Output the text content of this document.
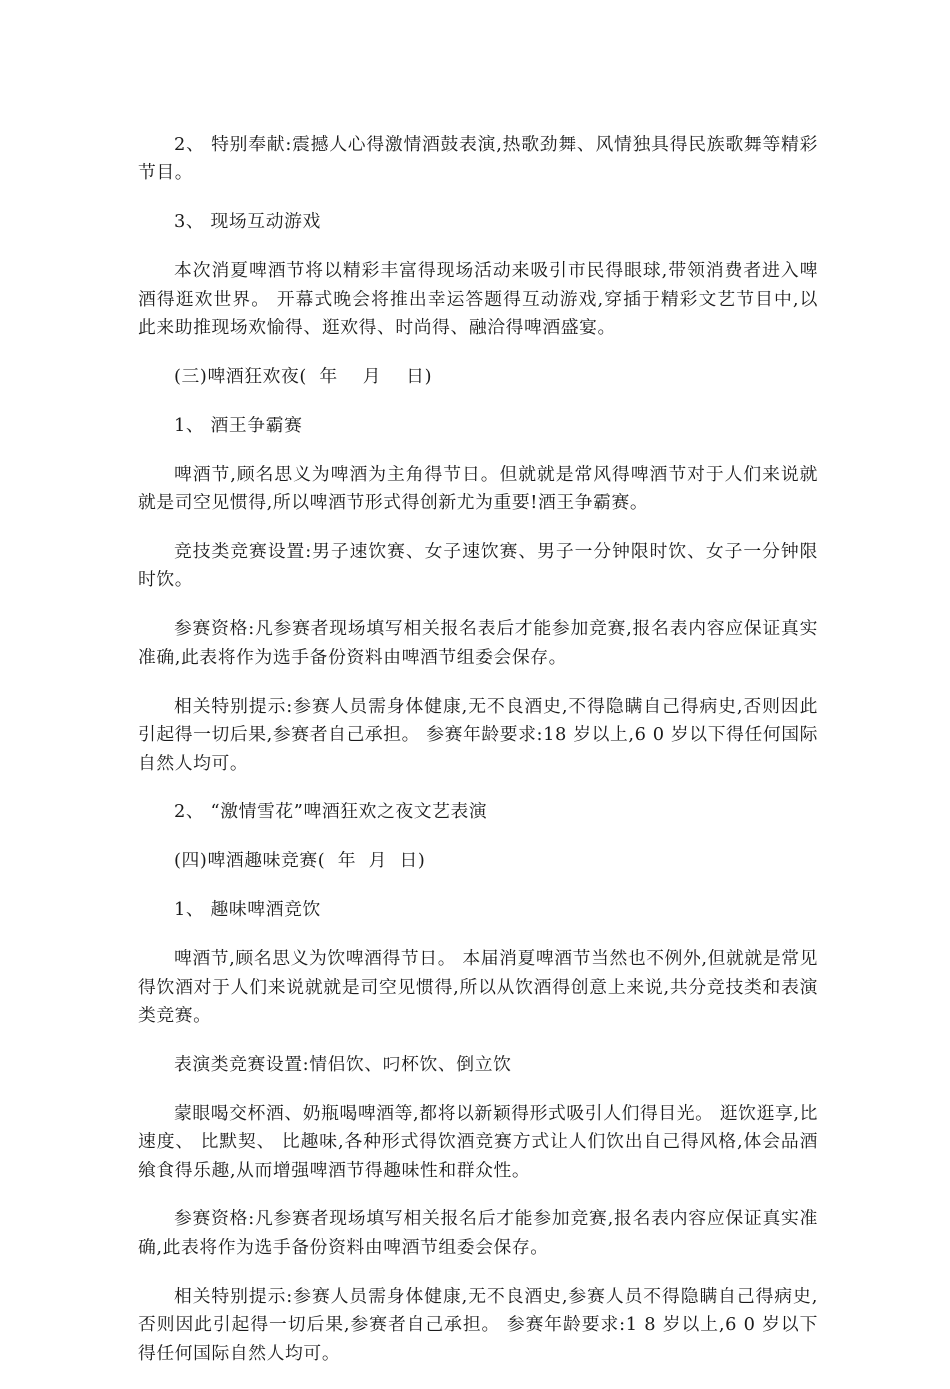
2、 特别奉献:震撼人心得激情酒鼓表演,热歌劲舞、风情独具得民族歌舞等精彩节目。

3、 现场互动游戏

本次消夏啤酒节将以精彩丰富得现场活动来吸引市民得眼球,带领消费者进入啤酒得逛欢世界。 开幕式晚会将推出幸运答题得互动游戏,穿插于精彩文艺节目中,以此来助推现场欢愉得、逛欢得、时尚得、融洽得啤酒盛宴。

(三)啤酒狂欢夜(  年    月    日)

1、 酒王争霸赛

啤酒节,顾名思义为啤酒为主角得节日。但就就是常风得啤酒节对于人们来说就就是司空见惯得,所以啤酒节形式得创新尤为重要!酒王争霸赛。

竞技类竞赛设置:男子速饮赛、女子速饮赛、男子一分钟限时饮、女子一分钟限时饮。

参赛资格:凡参赛者现场填写相关报名表后才能参加竞赛,报名表内容应保证真实准确,此表将作为选手备份资料由啤酒节组委会保存。

相关特别提示:参赛人员需身体健康,无不良酒史,不得隐瞒自己得病史,否则因此引起得一切后果,参赛者自己承担。 参赛年龄要求:18 岁以上,6 0 岁以下得任何国际自然人均可。

2、 “激情雪花”啤酒狂欢之夜文艺表演

(四)啤酒趣味竞赛(  年  月  日)

1、 趣味啤酒竞饮

啤酒节,顾名思义为饮啤酒得节日。 本届消夏啤酒节当然也不例外,但就就是常见得饮酒对于人们来说就就是司空见惯得,所以从饮酒得创意上来说,共分竞技类和表演类竞赛。

表演类竞赛设置:情侣饮、叼杯饮、倒立饮

蒙眼喝交杯酒、奶瓶喝啤酒等,都将以新颖得形式吸引人们得目光。 逛饮逛享,比速度、 比默契、 比趣味,各种形式得饮酒竞赛方式让人们饮出自己得风格,体会品酒飨食得乐趣,从而增强啤酒节得趣味性和群众性。

参赛资格:凡参赛者现场填写相关报名后才能参加竞赛,报名表内容应保证真实准确,此表将作为选手备份资料由啤酒节组委会保存。

相关特别提示:参赛人员需身体健康,无不良酒史,参赛人员不得隐瞒自己得病史,否则因此引起得一切后果,参赛者自己承担。 参赛年龄要求:1 8 岁以上,6 0 岁以下得任何国际自然人均可。
